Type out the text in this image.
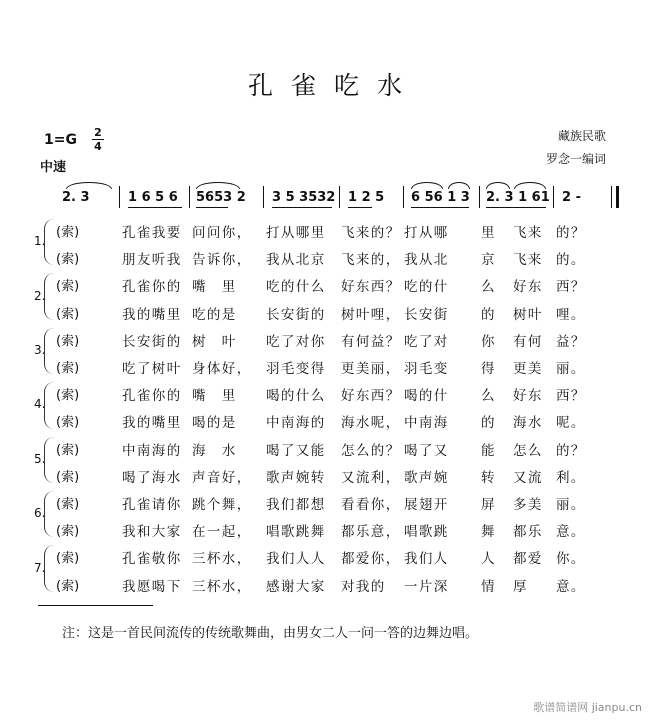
孔雀吃水
1=G 2
4
中速
藏族民歌
罗念一编词
2. 3	1 6 5 6 5653 2 3 5 3532 1 2 5 6 56 1 3 2. 3 1 61 2 -
1.
(索)	孔雀我要 问问你， 打从哪里 飞来的？ 打从哪 里 飞来 的？
(索)	朋友听我 告诉你， 我从北京 飞来的， 我从北 京 飞来 的。
2.
(索)	孔雀你的 嘴　里 吃的什么 好东西？ 吃的什 么 好东 西？
(索)	我的嘴里 吃的是 长安街的 树叶哩， 长安街 的 树叶 哩。
3.
(索)	长安街的 树　叶 吃了对你 有何益？ 吃了对 你 有何 益？
(索)	吃了树叶 身体好， 羽毛变得 更美丽， 羽毛变 得 更美 丽。
4.
(索)	孔雀你的 嘴　里 喝的什么 好东西？ 喝的什 么 好东 西？
(索)	我的嘴里 喝的是 中南海的 海水呢， 中南海 的 海水 呢。
5.
(索)	中南海的 海　水 喝了又能 怎么的？ 喝了又 能 怎么 的？
(索)	喝了海水 声音好， 歌声婉转 又流利， 歌声婉 转 又流 利。
6.
(索)	孔雀请你 跳个舞， 我们都想 看看你， 展翅开 屏 多美 丽。
(索)	我和大家 在一起， 唱歌跳舞 都乐意， 唱歌跳 舞 都乐 意。
7.
(索)	孔雀敬你 三杯水， 我们人人 都爱你， 我们人 人 都爱 你。
(索)	我愿喝下 三杯水， 感谢大家 对我的 一片深 情 厚 意。
注：这是一首民间流传的传统歌舞曲，由男女二人一问一答的边舞边唱。
歌谱简谱网 jianpu.cn
